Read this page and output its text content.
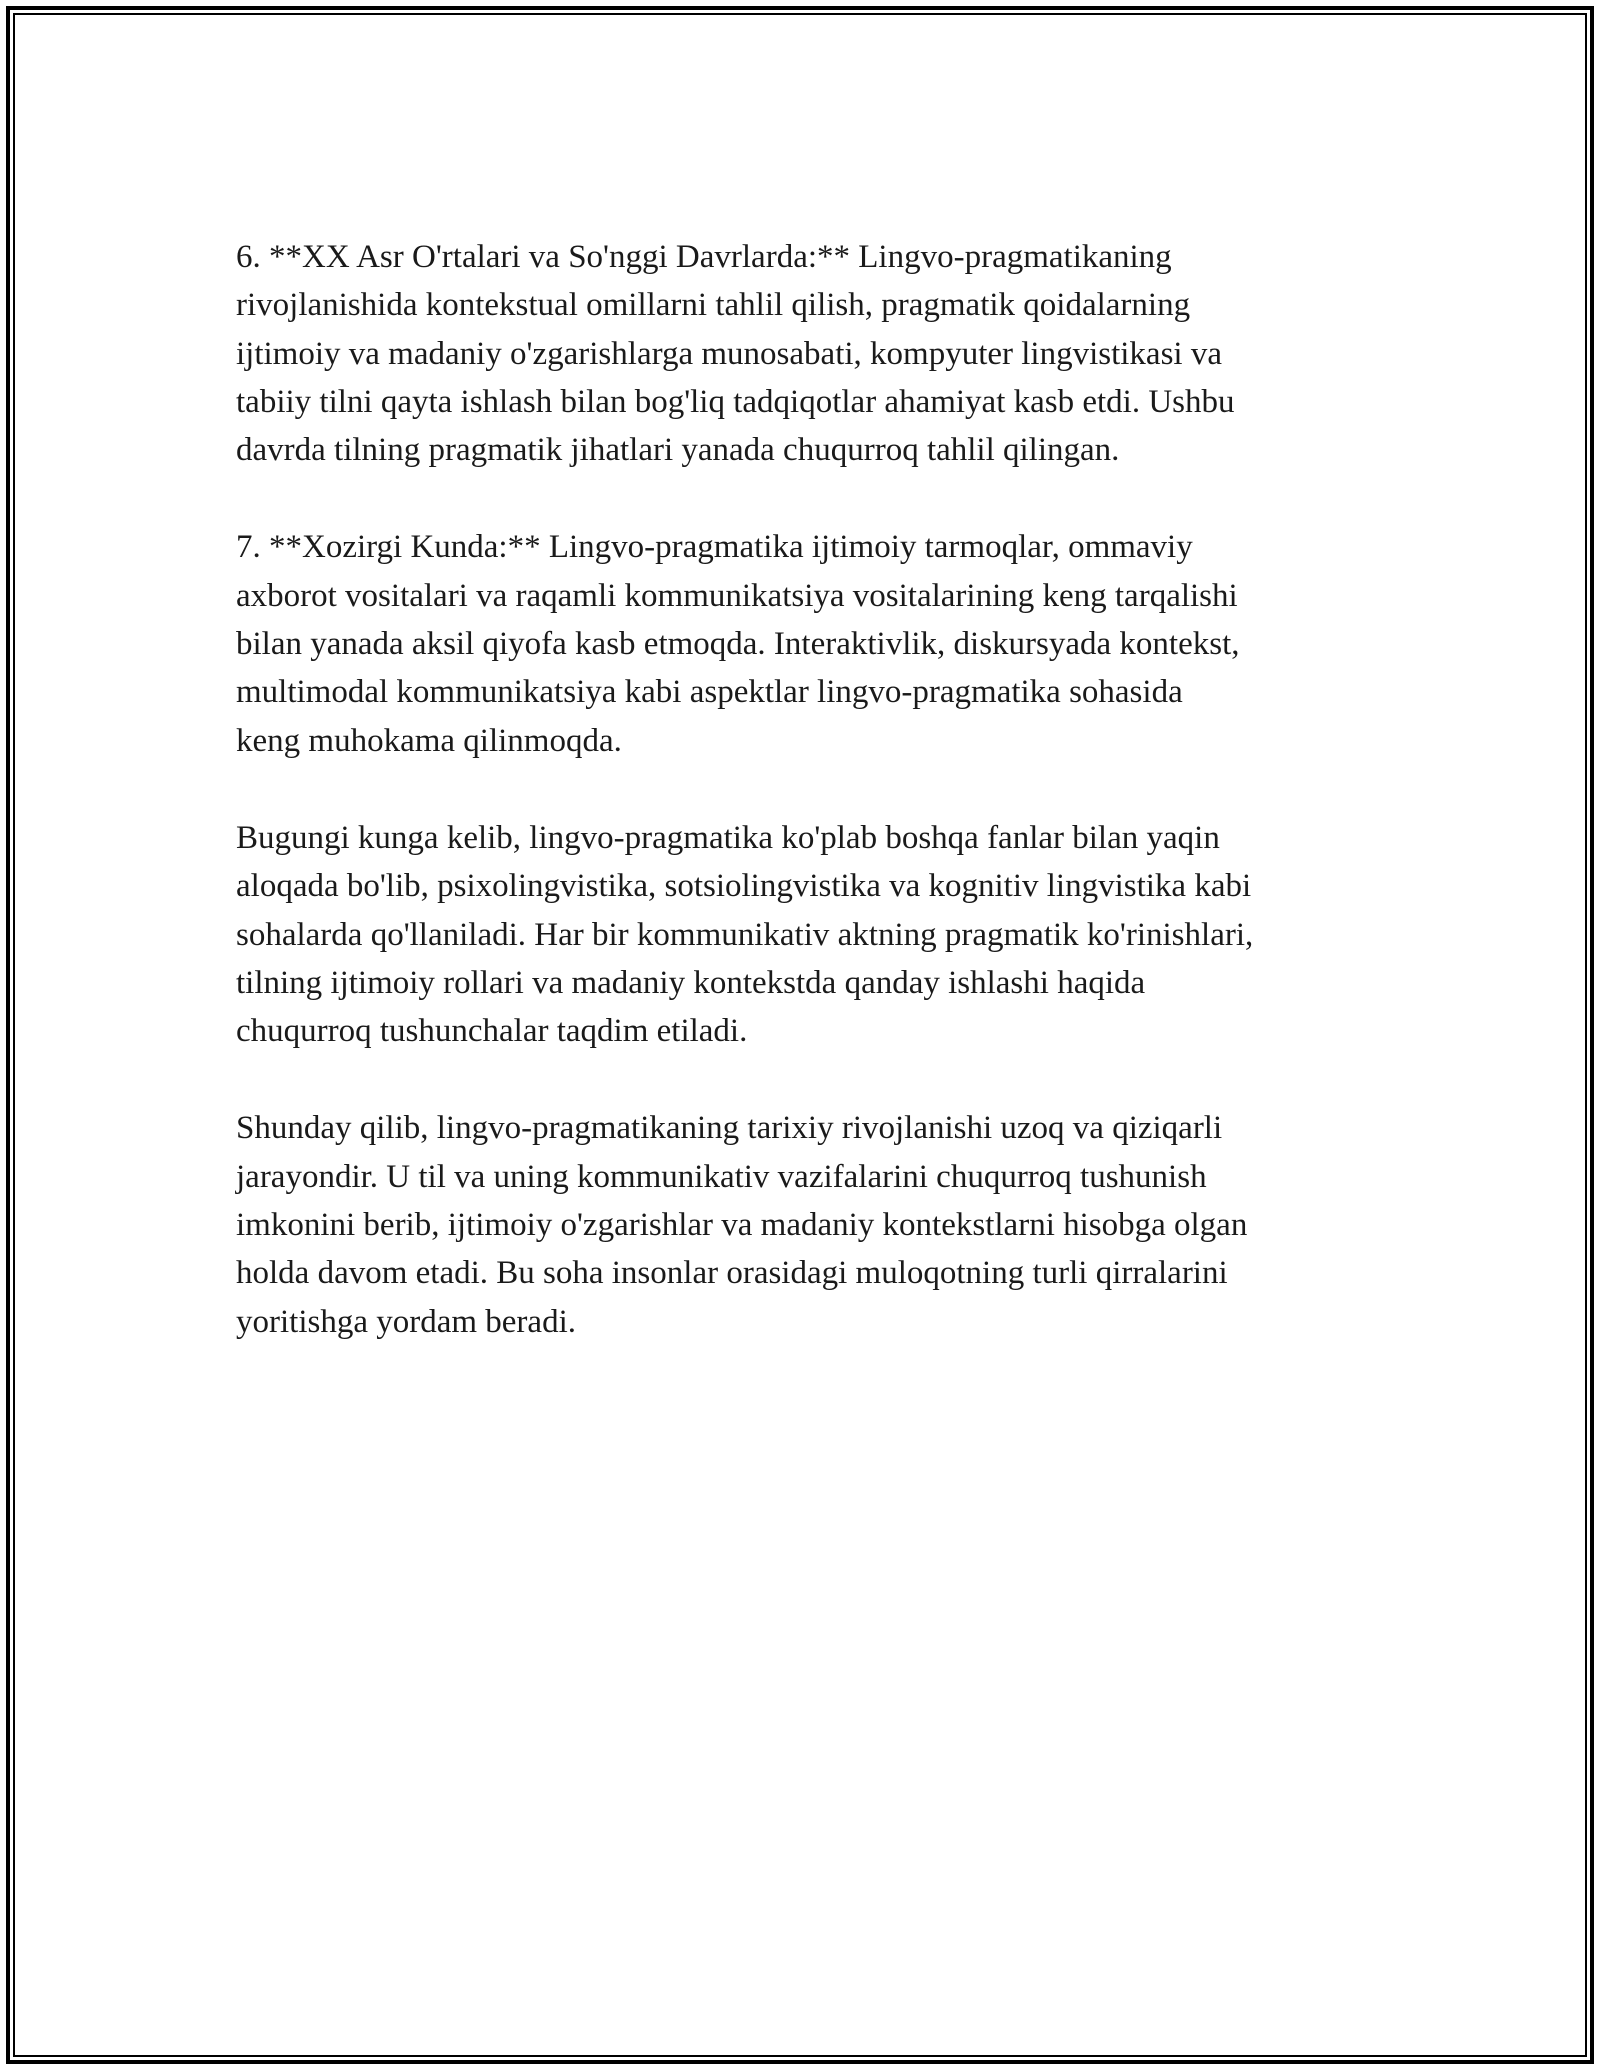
6. **XX Asr O'rtalari va So'nggi Davrlarda:** Lingvo-pragmatikaning
rivojlanishida kontekstual omillarni tahlil qilish, pragmatik qoidalarning
ijtimoiy va madaniy o'zgarishlarga munosabati, kompyuter lingvistikasi va
tabiiy tilni qayta ishlash bilan bog'liq tadqiqotlar ahamiyat kasb etdi. Ushbu
davrda tilning pragmatik jihatlari yanada chuqurroq tahlil qilingan.

7. **Xozirgi Kunda:** Lingvo-pragmatika ijtimoiy tarmoqlar, ommaviy
axborot vositalari va raqamli kommunikatsiya vositalarining keng tarqalishi
bilan yanada aksil qiyofa kasb etmoqda. Interaktivlik, diskursyada kontekst,
multimodal kommunikatsiya kabi aspektlar lingvo-pragmatika sohasida
keng muhokama qilinmoqda.

Bugungi kunga kelib, lingvo-pragmatika ko'plab boshqa fanlar bilan yaqin
aloqada bo'lib, psixolingvistika, sotsiolingvistika va kognitiv lingvistika kabi
sohalarda qo'llaniladi. Har bir kommunikativ aktning pragmatik ko'rinishlari,
tilning ijtimoiy rollari va madaniy kontekstda qanday ishlashi haqida
chuqurroq tushunchalar taqdim etiladi.

Shunday qilib, lingvo-pragmatikaning tarixiy rivojlanishi uzoq va qiziqarli
jarayondir. U til va uning kommunikativ vazifalarini chuqurroq tushunish
imkonini berib, ijtimoiy o'zgarishlar va madaniy kontekstlarni hisobga olgan
holda davom etadi. Bu soha insonlar orasidagi muloqotning turli qirralarini
yoritishga yordam beradi.
